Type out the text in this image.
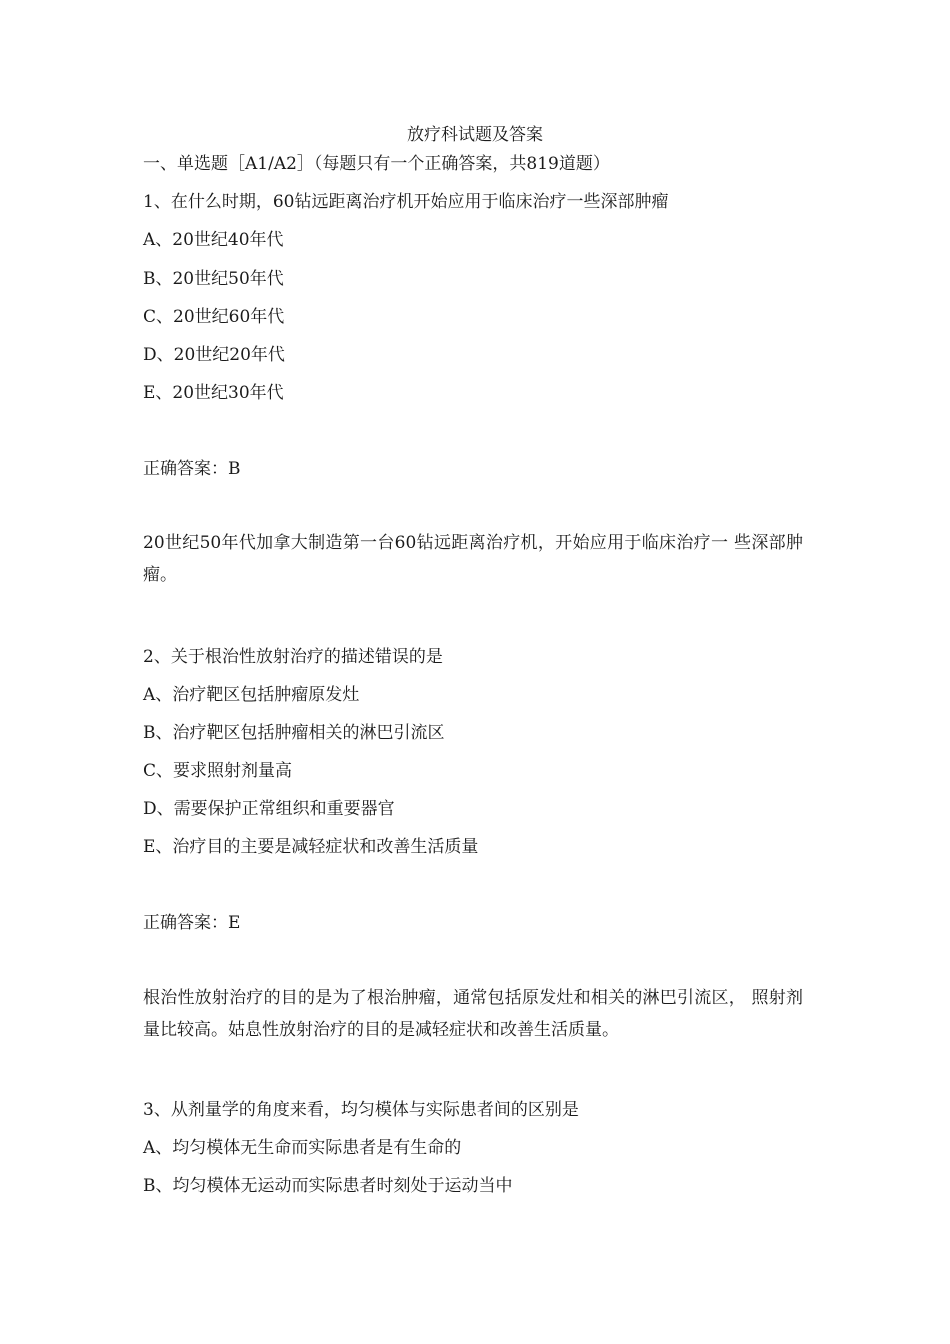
放疗科试题及答案
一、单选题［A1/A2］（每题只有一个正确答案，共819道题）
1、在什么时期，60钻远距离治疗机开始应用于临床治疗一些深部肿瘤
A、20世纪40年代
B、20世纪50年代
C、20世纪60年代
D、20世纪20年代
E、20世纪30年代
正确答案：B
20世纪50年代加拿大制造第一台60钻远距离治疗机，开始应用于临床治疗一 些深部肿瘤。
2、关于根治性放射治疗的描述错误的是
A、治疗靶区包括肿瘤原发灶
B、治疗靶区包括肿瘤相关的淋巴引流区
C、要求照射剂量高
D、需要保护正常组织和重要器官
E、治疗目的主要是减轻症状和改善生活质量
正确答案：E
根治性放射治疗的目的是为了根治肿瘤，通常包括原发灶和相关的淋巴引流区， 照射剂量比较高。姑息性放射治疗的目的是减轻症状和改善生活质量。
3、从剂量学的角度来看，均匀模体与实际患者间的区别是
A、均匀模体无生命而实际患者是有生命的
B、均匀模体无运动而实际患者时刻处于运动当中
